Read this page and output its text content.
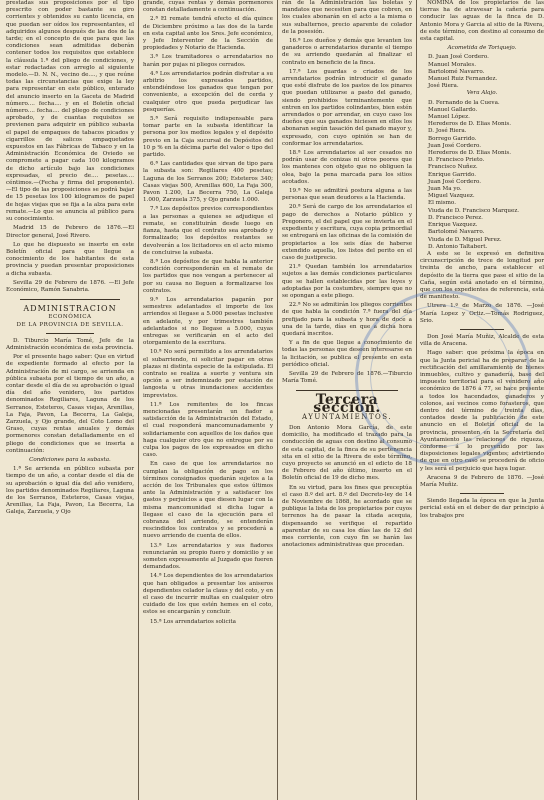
prestadas sus proposiciones por el tipo prescrito con poder bastante su giro corrientes y obtenidos su canto licencia, en que puedan ser oídos los representantes, el adquiridos algunos después de las dos de la tarde; en el concepto de que para que las condiciones sean admitidas deberán contener todos los requisitos que establece la cláusula 1.ª del pliego de condiciones, y estar redactadas con arreglo al siguiente modelo.—D. N. N., vecino de...., y que reúne todas las circunstancias que exige la ley para representar en este público, enterado del anuncio inserto en la Gaceta de Madrid número.... fecha.... y en el Boletín oficial número.... fecha.... del pliego de condiciones aprobado, y de cuantas requisitos se previenen para adquirir en público subasta el papel de empaques de tabacos picados y cigarrillos de salicos empaquetados expuestos en las Fábricas de Tabaco y en la Administración Económica de Oviedo se compromete a pagar cada 100 kilogramos de dicho artículo bajo las condiciones expresadas, el precio de.... pesetas.... céntimos.—(Fecha y firma del proponente).—El tipo de las proposiciones se podrá bajar de 15 pesetas los 100 kilogramos de papel de hojas viejas que se fija a la alza para este remate.—Lo que se anuncia al público para su conocimiento.

Madrid 15 de Febrero de 1876.—El Director general, José Rivero.

Lo que he dispuesto se inserte en este Boletín oficial para que llegue a conocimiento de los habitantes de esta provincia y puedan presentar proposiciones a dicha subasta.

Sevilla 29 de Febrero de 1876. —El Jefe Económico, Ramón Sanabria.

ADMINISTRACION
ECONÓMICA
DE LA PROVINCIA DE SEVILLA.

D. Tiburcio María Tomé, Jefe de la Administración económica de esta provincia.

Por el presente hago saber: Que en virtud de expediente formado al efecto por la Administración de mi cargo, se arrienda en pública subasta por el tiempo de un año, a contar desde el día de su aprobación o igual día del año venidero, los partidos denominados Regiliares, Laguna de los Serranos, Esteteros, Casas viejas, Arenillas, La Faja, Pavon, La Becerra, La Galeja, Zarzuela, y Ojo grande, del Coto Lomo del Graso, cuyas rentas anuales y demás pormenores constan detalladamente en el pliego de condiciones que se inserta a continuación:

Condiciones para la subasta.

1.ª Se arrienda en público subasta por tiempo de un año, a contar desde el día de su aprobación o igual día del año venidero, los partidos denominados Regiliares, Laguna de los Serranos, Esteteros, Casas viejas, Arenillas, La Faja, Pavon, La Becerra, La Galeja, Zarzuela, y Ojo

grande, cuyas rentas y demás pormenores constan detalladamente a continuación.

2.ª El remate tendrá efecto el día quince de Diciembre próximo a las dos de la tarde en esta capital ante los Sres. Jefe económico, y Jefe Interventor de la Sección de propiedades y Notario de Hacienda.

3.ª Los tramitadores o arrendatarios no harán por pujas ni pliegos cerrados.

4.ª Los arrendatarios podrán disfrutar a su arbitrio los expresados partidos, entendiéndose los ganados que tengan por conveniente, a excepción del de cerda y cualquier otro que pueda perjudicar las pesquerías.

5.ª Será requisito indispensable para tomar parte en la subasta identificar la persona por los medios legales y el depósito previo en la Caja sucursal de Depósitos del 10 p % en la décima parte del valor o tipo del partido.

6.ª Las cantidades que sirvan de tipo para la subasta son: Regiliares 400 pesetas; Laguna de los Serranos 200; Esteteros 340; Casas viejas 500, Arenillas 600, La Faja 300, Pavon 1.200, La Becerra 750, La Galeja 1.000, Zarzuela 375, y Ojo grande 1.000.

7.ª Los depósitos previos correspondientes a las personas a quienes se adjudique el remate, se constituirán desde luego en fianza, hasta que el contrato sea aprobado y formalizado; los depósitos restantes se devolverán a los licitadores en el acto mismo de concluirse la subasta.

8.ª Los depósitos de que habla la anterior condición corresponderán en el remate de los partidos que nos vengan a pertenecer al por su causa no lleguen a formalizarse los contratos.

9.ª Los arrendatarios pagarán por semestres adelantados el importe de los arriendos si llegase a 5.000 pesetas inclusive en adelante, y por trimestres también adelantados si no llegase a 5.000, cuyas entregas se verificarán en el acto del otorgamiento de la escritura.

10.ª No será permitido a los arrendatarios el subarriendo, ni solicitar pagar en otras plazas ni distinta especie de la estipulada. El contrato se realiza a suerte y ventura sin opción a ser indemnizado por estación de langosta u otras inundaciones accidentes imprevistos.

11.ª Los remitentes de los fincas mencionadas presentarán un fiador a satisfacción de la Administración del Estado, el cual responderá mancomunadamente y solidariamente con aquellos de los daños que haga cualquier otro que no entregue por su culpa los pagos de los expresados en dicho caso.

En caso de que los arrendatarios no cumplan la obligación de pago en los términos consignados quedarán sujetos a la acción de los Tribunales que estos últimos ante la Administración y a satisfacer los gastos y perjuicios a que diesen lugar con la misma mancomunidad si dicha lugar a llegase el caso de la ejecución para el cobranza del arriendo, se entenderán rescindidos los contratos y se procederá a nuevo arriendo de cuenta de ellos.

13.ª Los arrendatarios y sus fiadores renunciarán su propio fuero y domicilio y se someten expresamente al Juzgado que fueren demandados.

14.ª Los dependientes de los arrendatarios que han obligados a presentar los aniseros dependientes celador la claus y del coto, y en el caso de incurrir multas en cualquier otro cuidado de los que estén hemes en el coto, estos se encargarán y concluir.

15.ª Los arrendatarios solicita

rán de la Administración las boletas y mandatos que necesiten para que cobren, en los cuales abonarán en el acto a la misma o sus subalternos, precio aparente de colador de la posesión.

16.ª Los dueños y demás que levanten los ganaderos o arrendatarios durante el tiempo de su arriendo quedarán al finalizar el contrato en beneficio de la finca.

17.ª Los guardas o criados de los arrendatarios podrán introducir el ganado que esté disfrute de los pastos de los pinares que puedan utilizarse a pasto del ganado, siendo prohibidos terminantemente que entren en los partidos colindantes, bien estén arrendados o por arrendar, en cuyo caso los dueños que sus ganados hiciesen en ellos los abonaran según tasación del ganado mayor y, expresado, con cuyo opinión se han de conformar los arrendatarios.

18.ª Los arrendatarios al ser cesados no podrán usar de cenizas ni otros peores que los mantenes con objeto que no obliguen la olea, bajo la pena marcada para los sitios acotados.

19.ª No se admitirá postura alguna a las personas que sean deudores a la Hacienda.

20.ª Será de cargo de los arrendatarios el pago de derechos a Notario público y Pregonero, el del papel que se invierta en el expediente y escritura, cuya copia primordial se entregará en las oficinas de la comisión de propietarios a los seis días de haberse extendido aquella, los listos del perito en el caso de justiprecio.

21.ª Quedan también los arrendatarios sujetos a las demás condiciones particulares que se hallen establecidas por las leyes y adoptadas por la costumbre, siempre que no se opongan a este pliego.

22.ª No se admitirán los pliegos corrientes de que habla la condición 7.ª fuera del día prefijado para la subasta y hora de doce a una de la tarde, días en que a dicha hora quedará inscritos.

Y a fin de que llegue a conocimiento de todas las personas que deseen interesarse en la licitación, se publica el presente en esta periódico oficial.

Sevilla 29 de Febrero de 1876.—Tiburcio María Tomé.

Tercera seccion.
AYUNTAMIENTOS.

Don Antonio Mora García, de este domicilio, ha modificado el trazado para la conducción de aguas con destino al consumo de esta capital, de la finca de su pertenencia sita en el sitio de la Rivera de este término, cuyo proyecto se anunció en el edicto de 18 de Febrero del año último, inserto en el Boletín oficial de 19 de dicho mes.

En su virtud, para los fines que preceptúa el caso 8.º del art. 8.º del Decreto-ley de 14 de Noviembre de 1868, he acordado que se publique la lista de los propietarios por cuyos terrenos ha de pasar la citada acequia, dispensando se verifique el repartido aparentar de su casa los días las de 12 del mes corriente, con cuyo fin se harán las anotaciones administrativas que procedan.

NÓMINA de los propietarios de las tierras ha de atravesar la cañería para conducir las aguas de la finca de D. Antonio Mora y Garcia al sitio de la Rivera, de este término, con destino al consumo de esta capital.

Acometida de Toriquejo.

D. Juan José Cordero.

Manuel Morales.

Bartolomé Navarro.

Manuel Ruiz Fernandez.

José Riera.

Vera Alajo.

D. Fernando de la Cueva.

Manuel Gallardo.

Manuel López.

Herederos de D. Elias Monis.

D. José Riera.

Borrego Garrido.

Juan José Cordero.

Herederos de D. Elias Monis.

D. Francisco Prieto.

Francisco Nuñez.

Enrique Garrido.

Juan José Cordero.

Juan Ma yo.

Miguel Vazquez.

El mismo.

Viuda de D. Francisco Marquez.

D. Francisco Perez.

Enrique Vazquez.

Bartolomé Navarro.

Viuda de D. Miguel Perez.

D. Antonio Taltabert.

A este se le expresó en definitiva circunscripción de trece de longitud por treinta de ancho, para establecer el depósito de la tierra que pase el sitio de la Caña, según está anotado en el término, que con los expedientes de referencia, está de manifiesto.

Utrera 1.º de Marzo de 1876. —José María Lopez y Ortiz.—Tomás Rodriguez, Srio.

Don José María Muñiz, Alcalde de esta villa de Aracena.

Hago saber: que próxima la época en que la Junta pericial ha de preparar de la rectificación del amillaramiento de bienes inmuebles, cultivo y ganadería, base del impuesto territorial para el venidero año económico de 1876 á 77, se hace presente a todos los hacendados, ganaderos y colonos, así vecinos como forasteros, que dentro del término de treinta días, contados desde la publicación de este anuncio en el Boletín oficial de la provincia, presenten en la Secretaría del Ayuntamiento las relaciones de riqueza, conforme á lo prevenido por las disposiciones legales vigentes; advirtiendo de que en otro caso se procederá de oficio y les será el perjuicio que haya lugar.

Aracena 9 de Febrero de 1876. —José María Muñiz.

Siendo llegada la época en que la Junta pericial está en el deber de dar principio á los trabajos pre
